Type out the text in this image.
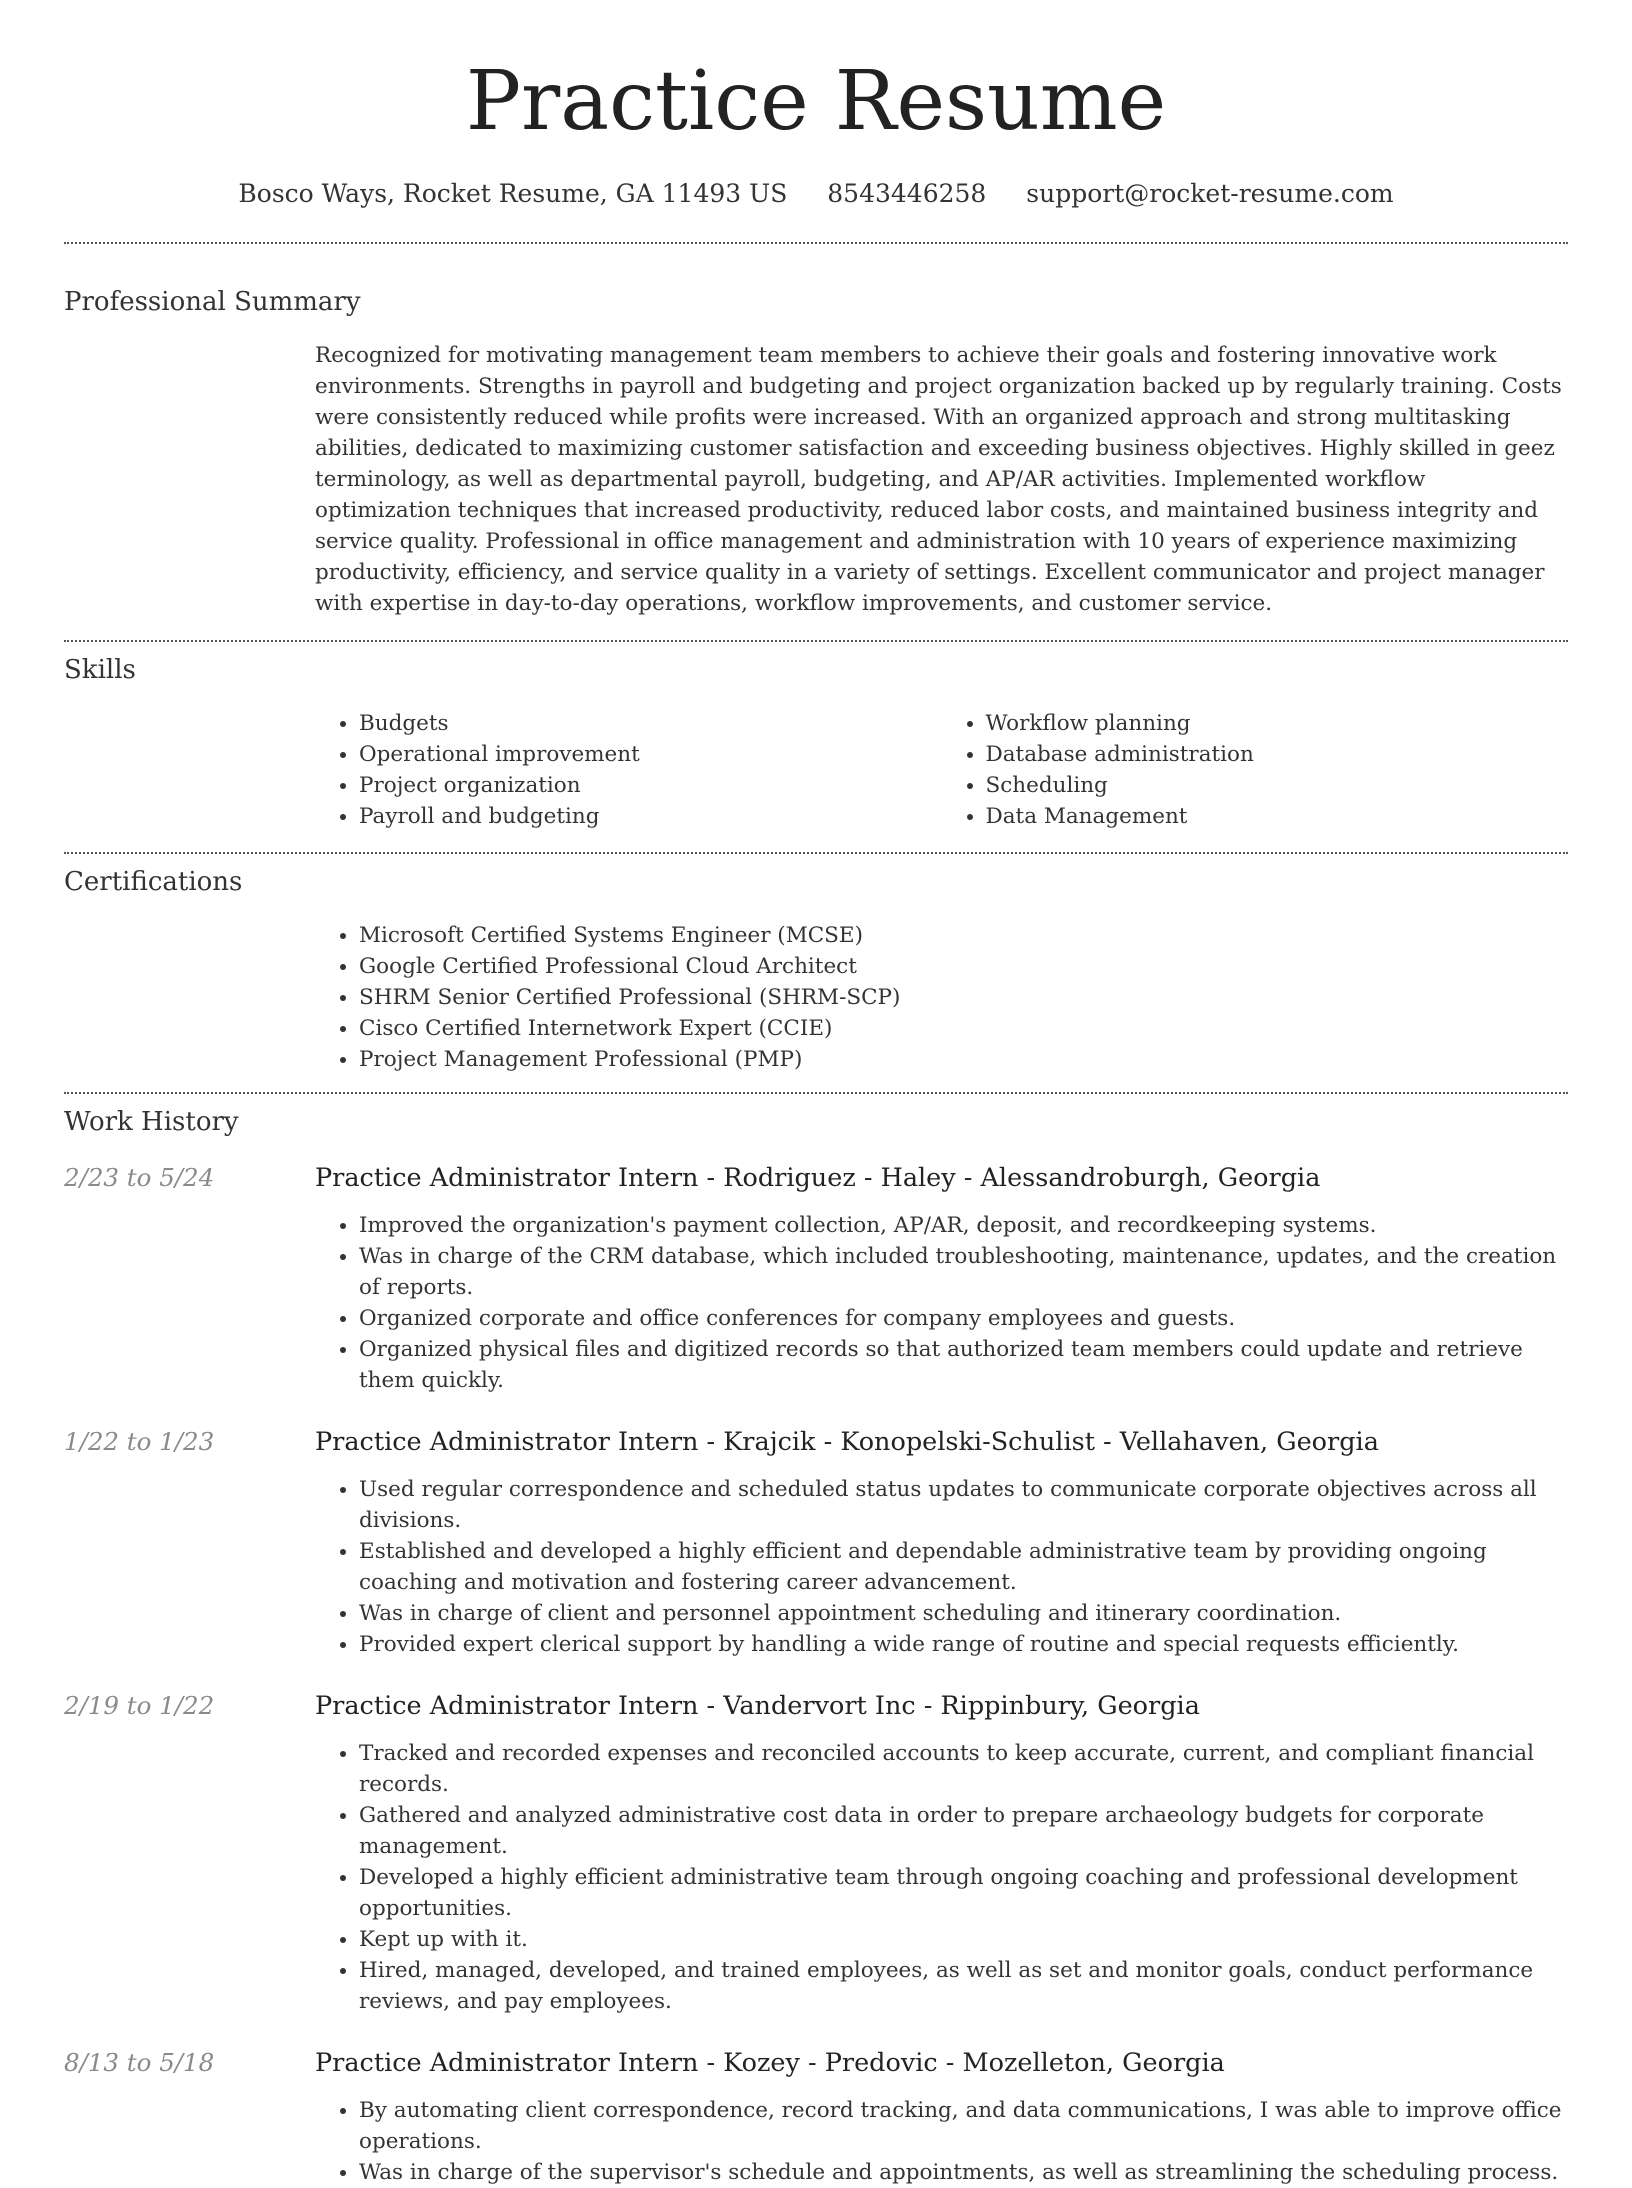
Practice Resume
Bosco Ways, Rocket Resume, GA 11493 US 8543446258 support@rocket-resume.com
Professional Summary
Recognized for motivating management team members to achieve their goals and fostering innovative work environments. Strengths in payroll and budgeting and project organization backed up by regularly training. Costs were consistently reduced while profits were increased. With an organized approach and strong multitasking abilities, dedicated to maximizing customer satisfaction and exceeding business objectives. Highly skilled in geez terminology, as well as departmental payroll, budgeting, and AP/AR activities. Implemented workflow optimization techniques that increased productivity, reduced labor costs, and maintained business integrity and service quality. Professional in office management and administration with 10 years of experience maximizing productivity, efficiency, and service quality in a variety of settings. Excellent communicator and project manager with expertise in day-to-day operations, workflow improvements, and customer service.
Skills
• Budgets
• Operational improvement
• Project organization
• Payroll and budgeting
• Workflow planning
• Database administration
• Scheduling
• Data Management
Certifications
• Microsoft Certified Systems Engineer (MCSE)
• Google Certified Professional Cloud Architect
• SHRM Senior Certified Professional (SHRM-SCP)
• Cisco Certified Internetwork Expert (CCIE)
• Project Management Professional (PMP)
Work History
2/23 to 5/24	Practice Administrator Intern - Rodriguez - Haley - Alessandroburgh, Georgia
• Improved the organization's payment collection, AP/AR, deposit, and recordkeeping systems.
• Was in charge of the CRM database, which included troubleshooting, maintenance, updates, and the creation of reports.
• Organized corporate and office conferences for company employees and guests.
• Organized physical files and digitized records so that authorized team members could update and retrieve them quickly.
1/22 to 1/23	Practice Administrator Intern - Krajcik - Konopelski-Schulist - Vellahaven, Georgia
• Used regular correspondence and scheduled status updates to communicate corporate objectives across all divisions.
• Established and developed a highly efficient and dependable administrative team by providing ongoing coaching and motivation and fostering career advancement.
• Was in charge of client and personnel appointment scheduling and itinerary coordination.
• Provided expert clerical support by handling a wide range of routine and special requests efficiently.
2/19 to 1/22	Practice Administrator Intern - Vandervort Inc - Rippinbury, Georgia
• Tracked and recorded expenses and reconciled accounts to keep accurate, current, and compliant financial records.
• Gathered and analyzed administrative cost data in order to prepare archaeology budgets for corporate management.
• Developed a highly efficient administrative team through ongoing coaching and professional development opportunities.
• Kept up with it.
• Hired, managed, developed, and trained employees, as well as set and monitor goals, conduct performance reviews, and pay employees.
8/13 to 5/18	Practice Administrator Intern - Kozey - Predovic - Mozelleton, Georgia
• By automating client correspondence, record tracking, and data communications, I was able to improve office operations.
• Was in charge of the supervisor's schedule and appointments, as well as streamlining the scheduling process.
